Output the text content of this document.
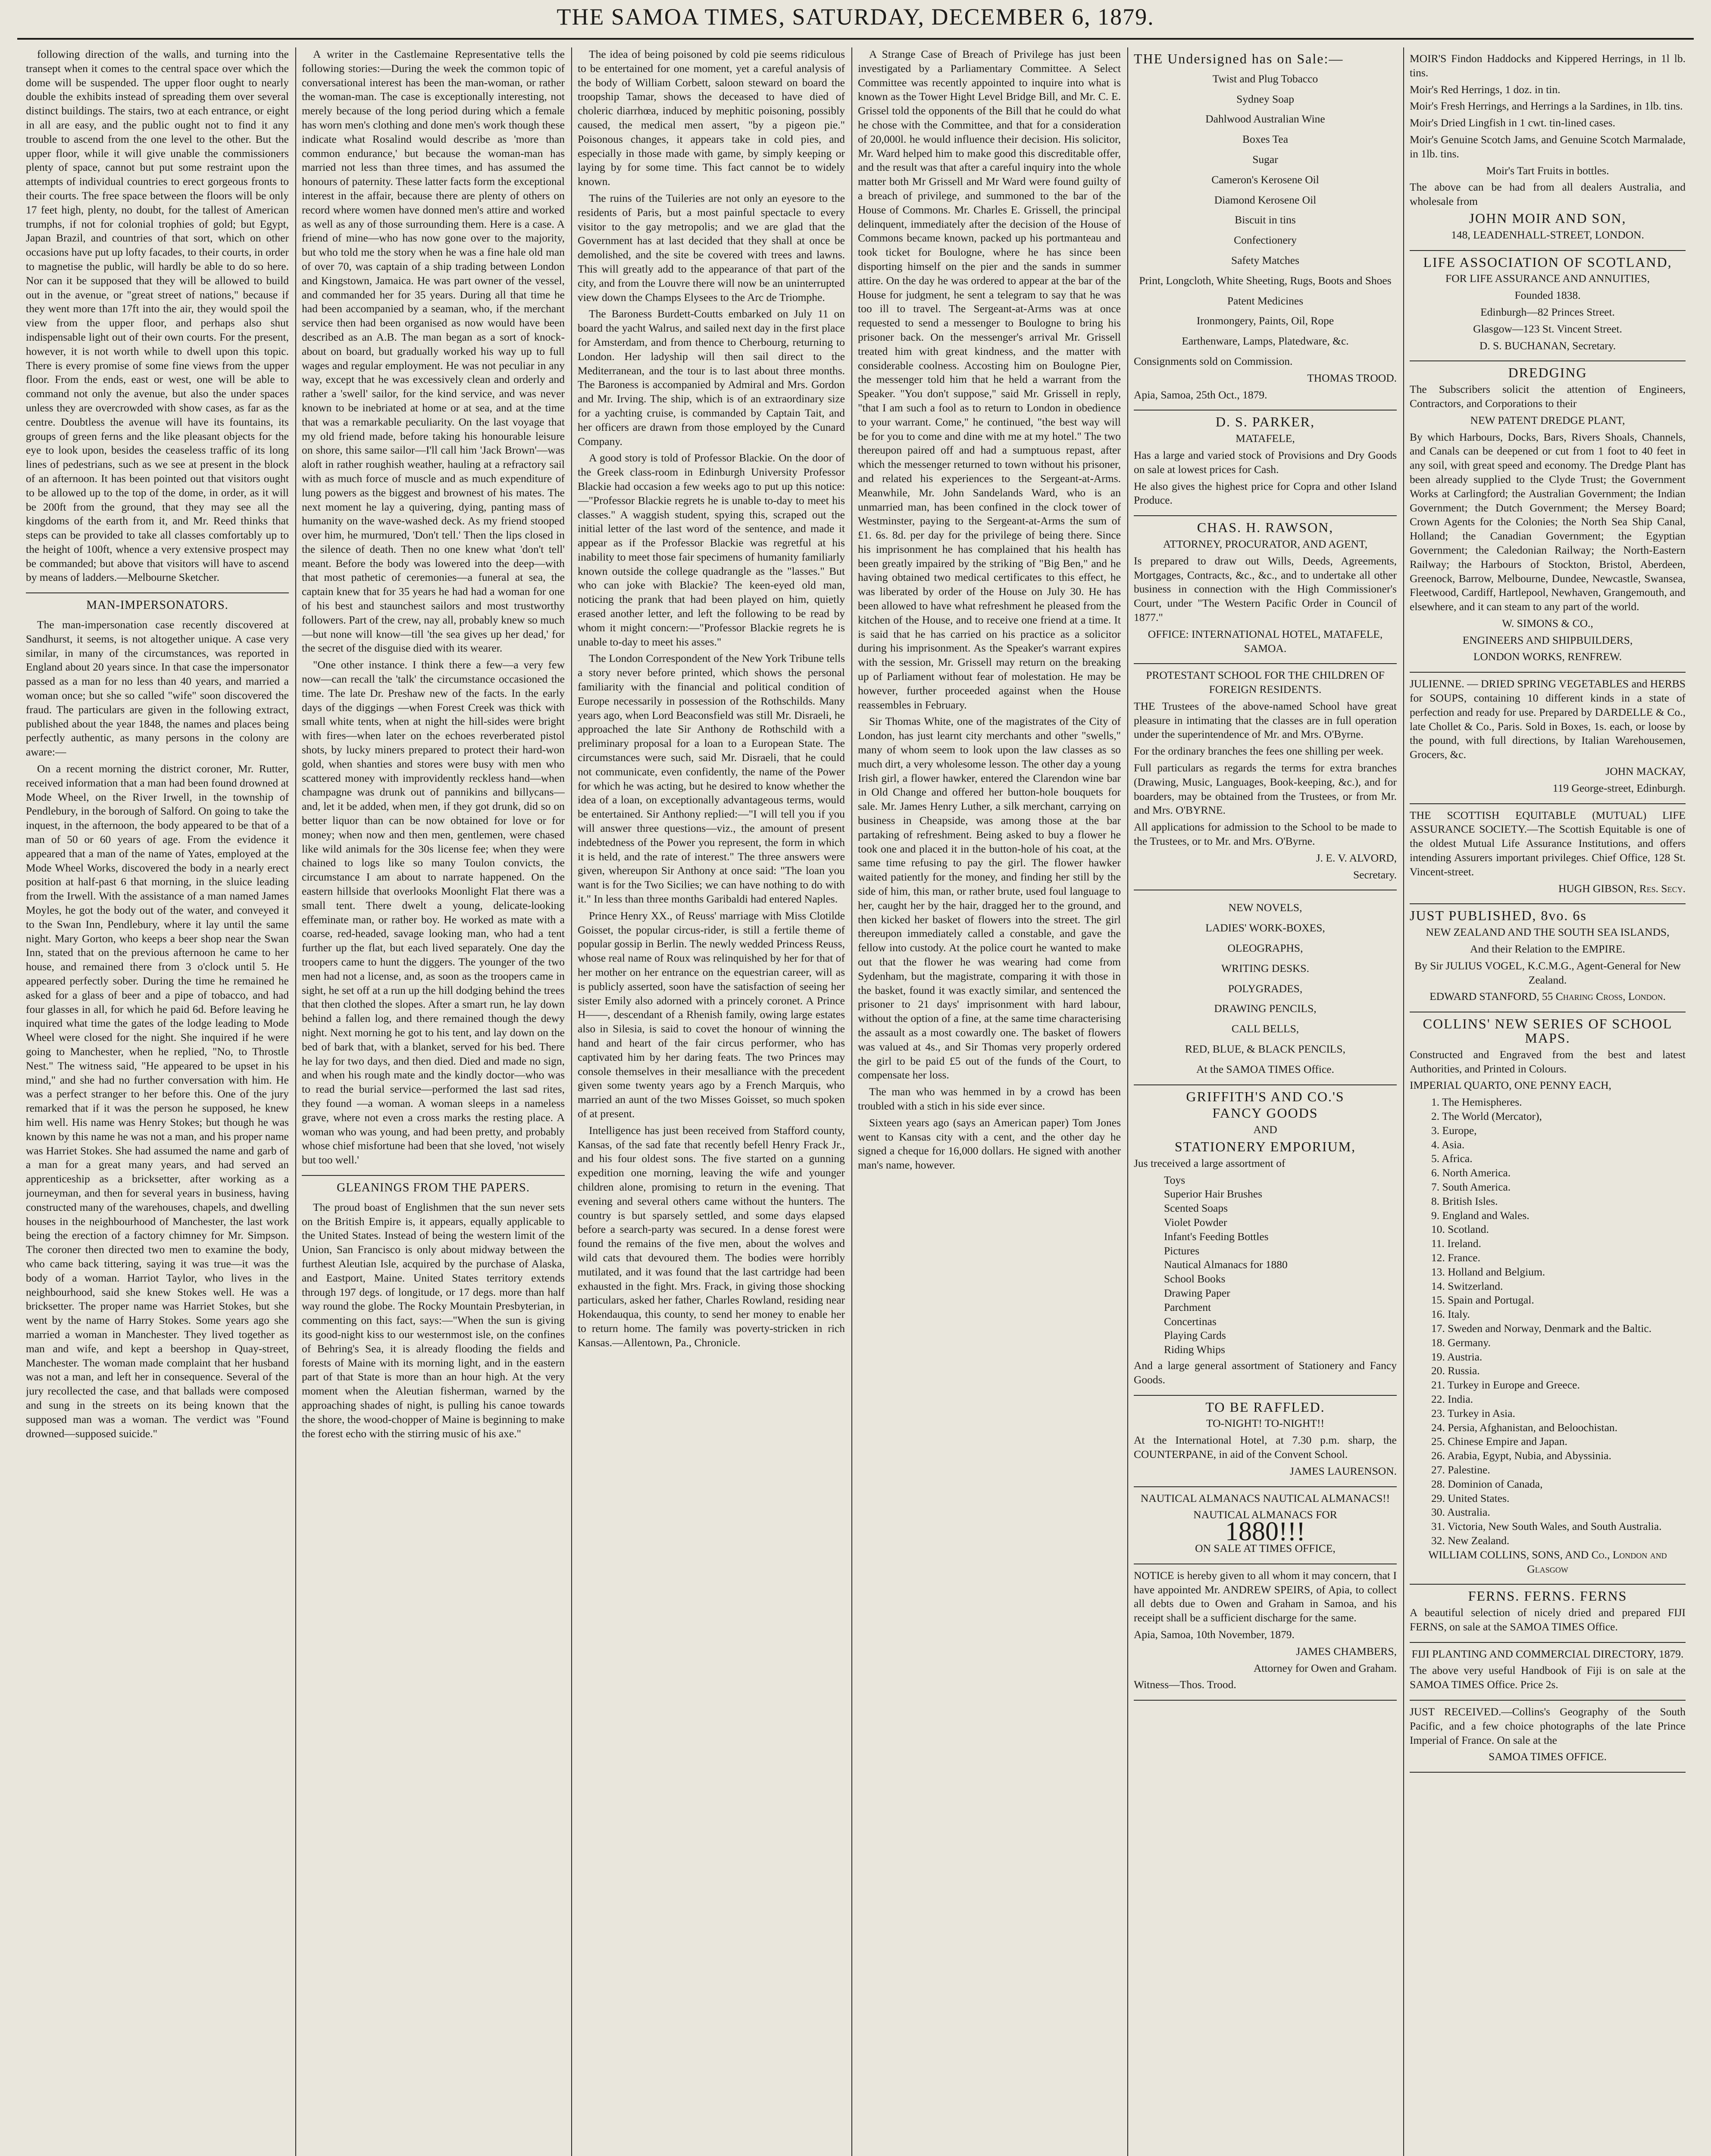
THE SAMOA TIMES, SATURDAY, DECEMBER 6, 1879.

following direction of the walls, and turning into the transept when it comes to the central space over which the dome will be suspended. The upper floor ought to nearly double the exhibits instead of spreading them over several distinct buildings. The stairs, two at each entrance, or eight in all are easy, and the public ought not to find it any trouble to ascend from the one level to the other. But the upper floor, while it will give unable the commissioners plenty of space, cannot but put some restraint upon the attempts of individual countries to erect gorgeous fronts to their courts. The free space between the floors will be only 17 feet high, plenty, no doubt, for the tallest of American trumphs, if not for colonial trophies of gold; but Egypt, Japan Brazil, and countries of that sort, which on other occasions have put up lofty facades, to their courts, in order to magnetise the public, will hardly be able to do so here. Nor can it be supposed that they will be allowed to build out in the avenue, or "great street of nations," because if they went more than 17ft into the air, they would spoil the view from the upper floor, and perhaps also shut indispensable light out of their own courts. For the present, however, it is not worth while to dwell upon this topic. There is every promise of some fine views from the upper floor. From the ends, east or west, one will be able to command not only the avenue, but also the under spaces unless they are overcrowded with show cases, as far as the centre. Doubtless the avenue will have its fountains, its groups of green ferns and the like pleasant objects for the eye to look upon, besides the ceaseless traffic of its long lines of pedestrians, such as we see at present in the block of an afternoon. It has been pointed out that visitors ought to be allowed up to the top of the dome, in order, as it will be 200ft from the ground, that they may see all the kingdoms of the earth from it, and Mr. Reed thinks that steps can be provided to take all classes comfortably up to the height of 100ft, whence a very extensive prospect may be commanded; but above that visitors will have to ascend by means of ladders.—Melbourne Sketcher.

MAN-IMPERSONATORS.

The man-impersonation case recently discovered at Sandhurst, it seems, is not altogether unique. A case very similar, in many of the circumstances, was reported in England about 20 years since. In that case the impersonator passed as a man for no less than 40 years, and married a woman once; but she so called "wife" soon discovered the fraud. The particulars are given in the following extract, published about the year 1848, the names and places being perfectly authentic, as many persons in the colony are aware:—

On a recent morning the district coroner, Mr. Rutter, received information that a man had been found drowned at Mode Wheel, on the River Irwell, in the township of Pendlebury, in the borough of Salford. On going to take the inquest, in the afternoon, the body appeared to be that of a man of 50 or 60 years of age. From the evidence it appeared that a man of the name of Yates, employed at the Mode Wheel Works, discovered the body in a nearly erect position at half-past 6 that morning, in the sluice leading from the Irwell. With the assistance of a man named James Moyles, he got the body out of the water, and conveyed it to the Swan Inn, Pendlebury, where it lay until the same night. Mary Gorton, who keeps a beer shop near the Swan Inn, stated that on the previous afternoon he came to her house, and remained there from 3 o'clock until 5. He appeared perfectly sober. During the time he remained he asked for a glass of beer and a pipe of tobacco, and had four glasses in all, for which he paid 6d. Before leaving he inquired what time the gates of the lodge leading to Mode Wheel were closed for the night. She inquired if he were going to Manchester, when he replied, "No, to Throstle Nest." The witness said, "He appeared to be upset in his mind," and she had no further conversation with him. He was a perfect stranger to her before this. One of the jury remarked that if it was the person he supposed, he knew him well. His name was Henry Stokes; but though he was known by this name he was not a man, and his proper name was Harriet Stokes. She had assumed the name and garb of a man for a great many years, and had served an apprenticeship as a bricksetter, after working as a journeyman, and then for several years in business, having constructed many of the warehouses, chapels, and dwelling houses in the neighbourhood of Manchester, the last work being the erection of a factory chimney for Mr. Simpson. The coroner then directed two men to examine the body, who came back tittering, saying it was true—it was the body of a woman. Harriot Taylor, who lives in the neighbourhood, said she knew Stokes well. He was a bricksetter. The proper name was Harriet Stokes, but she went by the name of Harry Stokes. Some years ago she married a woman in Manchester. They lived together as man and wife, and kept a beershop in Quay-street, Manchester. The woman made complaint that her husband was not a man, and left her in consequence. Several of the jury recollected the case, and that ballads were composed and sung in the streets on its being known that the supposed man was a woman. The verdict was "Found drowned—supposed suicide."

A writer in the Castlemaine Representative tells the following stories:—During the week the common topic of conversational interest has been the man-woman, or rather the woman-man. The case is exceptionally interesting, not merely because of the long period during which a female has worn men's clothing and done men's work though these indicate what Rosalind would describe as 'more than common endurance,' but because the woman-man has married not less than three times, and has assumed the honours of paternity. These latter facts form the exceptional interest in the affair, because there are plenty of others on record where women have donned men's attire and worked as well as any of those surrounding them. Here is a case. A friend of mine—who has now gone over to the majority, but who told me the story when he was a fine hale old man of over 70, was captain of a ship trading between London and Kingstown, Jamaica. He was part owner of the vessel, and commanded her for 35 years. During all that time he had been accompanied by a seaman, who, if the merchant service then had been organised as now would have been described as an A.B. The man began as a sort of knock-about on board, but gradually worked his way up to full wages and regular employment. He was not peculiar in any way, except that he was excessively clean and orderly and rather a 'swell' sailor, for the kind service, and was never known to be inebriated at home or at sea, and at the time that was a remarkable peculiarity. On the last voyage that my old friend made, before taking his honourable leisure on shore, this same sailor—I'll call him 'Jack Brown'—was aloft in rather roughish weather, hauling at a refractory sail with as much force of muscle and as much expenditure of lung powers as the biggest and brownest of his mates. The next moment he lay a quivering, dying, panting mass of humanity on the wave-washed deck. As my friend stooped over him, he murmured, 'Don't tell.' Then the lips closed in the silence of death. Then no one knew what 'don't tell' meant. Before the body was lowered into the deep—with that most pathetic of ceremonies—a funeral at sea, the captain knew that for 35 years he had had a woman for one of his best and staunchest sailors and most trustworthy followers. Part of the crew, nay all, probably knew so much—but none will know—till 'the sea gives up her dead,' for the secret of the disguise died with its wearer.

"One other instance. I think there a few—a very few now—can recall the 'talk' the circumstance occasioned the time. The late Dr. Preshaw new of the facts. In the early days of the diggings —when Forest Creek was thick with small white tents, when at night the hill-sides were bright with fires—when later on the echoes reverberated pistol shots, by lucky miners prepared to protect their hard-won gold, when shanties and stores were busy with men who scattered money with improvidently reckless hand—when champagne was drunk out of pannikins and billycans—and, let it be added, when men, if they got drunk, did so on better liquor than can be now obtained for love or for money; when now and then men, gentlemen, were chased like wild animals for the 30s license fee; when they were chained to logs like so many Toulon convicts, the circumstance I am about to narrate happened. On the eastern hillside that overlooks Moonlight Flat there was a small tent. There dwelt a young, delicate-looking effeminate man, or rather boy. He worked as mate with a coarse, red-headed, savage looking man, who had a tent further up the flat, but each lived separately. One day the troopers came to hunt the diggers. The younger of the two men had not a license, and, as soon as the troopers came in sight, he set off at a run up the hill dodging behind the trees that then clothed the slopes. After a smart run, he lay down behind a fallen log, and there remained though the dewy night. Next morning he got to his tent, and lay down on the bed of bark that, with a blanket, served for his bed. There he lay for two days, and then died. Died and made no sign, and when his rough mate and the kindly doctor—who was to read the burial service—performed the last sad rites, they found —a woman. A woman sleeps in a nameless grave, where not even a cross marks the resting place. A woman who was young, and had been pretty, and probably whose chief misfortune had been that she loved, 'not wisely but too well.'

GLEANINGS FROM THE PAPERS.

The proud boast of Englishmen that the sun never sets on the British Empire is, it appears, equally applicable to the United States. Instead of being the western limit of the Union, San Francisco is only about midway between the furthest Aleutian Isle, acquired by the purchase of Alaska, and Eastport, Maine. United States territory extends through 197 degs. of longitude, or 17 degs. more than half way round the globe. The Rocky Mountain Presbyterian, in commenting on this fact, says:—"When the sun is giving its good-night kiss to our westernmost isle, on the confines of Behring's Sea, it is already flooding the fields and forests of Maine with its morning light, and in the eastern part of that State is more than an hour high. At the very moment when the Aleutian fisherman, warned by the approaching shades of night, is pulling his canoe towards the shore, the wood-chopper of Maine is beginning to make the forest echo with the stirring music of his axe."

The idea of being poisoned by cold pie seems ridiculous to be entertained for one moment, yet a careful analysis of the body of William Corbett, saloon steward on board the troopship Tamar, shows the deceased to have died of choleric diarrhœa, induced by mephitic poisoning, possibly caused, the medical men assert, "by a pigeon pie." Poisonous changes, it appears take in cold pies, and especially in those made with game, by simply keeping or laying by for some time. This fact cannot be to widely known.

The ruins of the Tuileries are not only an eyesore to the residents of Paris, but a most painful spectacle to every visitor to the gay metropolis; and we are glad that the Government has at last decided that they shall at once be demolished, and the site be covered with trees and lawns. This will greatly add to the appearance of that part of the city, and from the Louvre there will now be an uninterrupted view down the Champs Elysees to the Arc de Triomphe.

The Baroness Burdett-Coutts embarked on July 11 on board the yacht Walrus, and sailed next day in the first place for Amsterdam, and from thence to Cherbourg, returning to London. Her ladyship will then sail direct to the Mediterranean, and the tour is to last about three months. The Baroness is accompanied by Admiral and Mrs. Gordon and Mr. Irving. The ship, which is of an extraordinary size for a yachting cruise, is commanded by Captain Tait, and her officers are drawn from those employed by the Cunard Company.

A good story is told of Professor Blackie. On the door of the Greek class-room in Edinburgh University Professor Blackie had occasion a few weeks ago to put up this notice:—"Professor Blackie regrets he is unable to-day to meet his classes." A waggish student, spying this, scraped out the initial letter of the last word of the sentence, and made it appear as if the Professor Blackie was regretful at his inability to meet those fair specimens of humanity familiarly known outside the college quadrangle as the "lasses." But who can joke with Blackie? The keen-eyed old man, noticing the prank that had been played on him, quietly erased another letter, and left the following to be read by whom it might concern:—"Professor Blackie regrets he is unable to-day to meet his asses."

The London Correspondent of the New York Tribune tells a story never before printed, which shows the personal familiarity with the financial and political condition of Europe necessarily in possession of the Rothschilds. Many years ago, when Lord Beaconsfield was still Mr. Disraeli, he approached the late Sir Anthony de Rothschild with a preliminary proposal for a loan to a European State. The circumstances were such, said Mr. Disraeli, that he could not communicate, even confidently, the name of the Power for which he was acting, but he desired to know whether the idea of a loan, on exceptionally advantageous terms, would be entertained. Sir Anthony replied:—"I will tell you if you will answer three questions—viz., the amount of present indebtedness of the Power you represent, the form in which it is held, and the rate of interest." The three answers were given, whereupon Sir Anthony at once said: "The loan you want is for the Two Sicilies; we can have nothing to do with it." In less than three months Garibaldi had entered Naples.

Prince Henry XX., of Reuss' marriage with Miss Clotilde Goisset, the popular circus-rider, is still a fertile theme of popular gossip in Berlin. The newly wedded Princess Reuss, whose real name of Roux was relinquished by her for that of her mother on her entrance on the equestrian career, will as is publicly asserted, soon have the satisfaction of seeing her sister Emily also adorned with a princely coronet. A Prince H——, descendant of a Rhenish family, owing large estates also in Silesia, is said to covet the honour of winning the hand and heart of the fair circus performer, who has captivated him by her daring feats. The two Princes may console themselves in their mesalliance with the precedent given some twenty years ago by a French Marquis, who married an aunt of the two Misses Goisset, so much spoken of at present.

Intelligence has just been received from Stafford county, Kansas, of the sad fate that recently befell Henry Frack Jr., and his four oldest sons. The five started on a gunning expedition one morning, leaving the wife and younger children alone, promising to return in the evening. That evening and several others came without the hunters. The country is but sparsely settled, and some days elapsed before a search-party was secured. In a dense forest were found the remains of the five men, about the wolves and wild cats that devoured them. The bodies were horribly mutilated, and it was found that the last cartridge had been exhausted in the fight. Mrs. Frack, in giving those shocking particulars, asked her father, Charles Rowland, residing near Hokendauqua, this county, to send her money to enable her to return home. The family was poverty-stricken in rich Kansas.—Allentown, Pa., Chronicle.

A Strange Case of Breach of Privilege has just been investigated by a Parliamentary Committee. A Select Committee was recently appointed to inquire into what is known as the Tower Hight Level Bridge Bill, and Mr. C. E. Grissel told the opponents of the Bill that he could do what he chose with the Committee, and that for a consideration of 20,000l. he would influence their decision. His solicitor, Mr. Ward helped him to make good this discreditable offer, and the result was that after a careful inquiry into the whole matter both Mr Grissell and Mr Ward were found guilty of a breach of privilege, and summoned to the bar of the House of Commons. Mr. Charles E. Grissell, the principal delinquent, immediately after the decision of the House of Commons became known, packed up his portmanteau and took ticket for Boulogne, where he has since been disporting himself on the pier and the sands in summer attire. On the day he was ordered to appear at the bar of the House for judgment, he sent a telegram to say that he was too ill to travel. The Sergeant-at-Arms was at once requested to send a messenger to Boulogne to bring his prisoner back. On the messenger's arrival Mr. Grissell treated him with great kindness, and the matter with considerable coolness. Accosting him on Boulogne Pier, the messenger told him that he held a warrant from the Speaker. "You don't suppose," said Mr. Grissell in reply, "that I am such a fool as to return to London in obedience to your warrant. Come," he continued, "the best way will be for you to come and dine with me at my hotel." The two thereupon paired off and had a sumptuous repast, after which the messenger returned to town without his prisoner, and related his experiences to the Sergeant-at-Arms. Meanwhile, Mr. John Sandelands Ward, who is an unmarried man, has been confined in the clock tower of Westminster, paying to the Sergeant-at-Arms the sum of £1. 6s. 8d. per day for the privilege of being there. Since his imprisonment he has complained that his health has been greatly impaired by the striking of "Big Ben," and he having obtained two medical certificates to this effect, he was liberated by order of the House on July 30. He has been allowed to have what refreshment he pleased from the kitchen of the House, and to receive one friend at a time. It is said that he has carried on his practice as a solicitor during his imprisonment. As the Speaker's warrant expires with the session, Mr. Grissell may return on the breaking up of Parliament without fear of molestation. He may be however, further proceeded against when the House reassembles in February.

Sir Thomas White, one of the magistrates of the City of London, has just learnt city merchants and other "swells," many of whom seem to look upon the law classes as so much dirt, a very wholesome lesson. The other day a young Irish girl, a flower hawker, entered the Clarendon wine bar in Old Change and offered her button-hole bouquets for sale. Mr. James Henry Luther, a silk merchant, carrying on business in Cheapside, was among those at the bar partaking of refreshment. Being asked to buy a flower he took one and placed it in the button-hole of his coat, at the same time refusing to pay the girl. The flower hawker waited patiently for the money, and finding her still by the side of him, this man, or rather brute, used foul language to her, caught her by the hair, dragged her to the ground, and then kicked her basket of flowers into the street. The girl thereupon immediately called a constable, and gave the fellow into custody. At the police court he wanted to make out that the flower he was wearing had come from Sydenham, but the magistrate, comparing it with those in the basket, found it was exactly similar, and sentenced the prisoner to 21 days' imprisonment with hard labour, without the option of a fine, at the same time characterising the assault as a most cowardly one. The basket of flowers was valued at 4s., and Sir Thomas very properly ordered the girl to be paid £5 out of the funds of the Court, to compensate her loss.

The man who was hemmed in by a crowd has been troubled with a stich in his side ever since.

Sixteen years ago (says an American paper) Tom Jones went to Kansas city with a cent, and the other day he signed a cheque for 16,000 dollars. He signed with another man's name, however.

THE Undersigned has on Sale:—

Twist and Plug Tobacco
Sydney Soap
Dahlwood Australian Wine
Boxes Tea
Sugar
Cameron's Kerosene Oil
Diamond Kerosene Oil
Biscuit in tins
Confectionery
Safety Matches
Print, Longcloth, White Sheeting, Rugs, Boots and Shoes
Patent Medicines
Ironmongery, Paints, Oil, Rope
Earthenware, Lamps, Platedware, &c.

Consignments sold on Commission.

THOMAS TROOD.

Apia, Samoa, 25th Oct., 1879.

D. S. PARKER,

MATAFELE,

Has a large and varied stock of Provisions and Dry Goods on sale at lowest prices for Cash.

He also gives the highest price for Copra and other Island Produce.

CHAS. H. RAWSON,

ATTORNEY, PROCURATOR, AND AGENT,

Is prepared to draw out Wills, Deeds, Agreements, Mortgages, Contracts, &c., &c., and to undertake all other business in connection with the High Commissioner's Court, under "The Western Pacific Order in Council of 1877."

OFFICE: INTERNATIONAL HOTEL, MATAFELE, SAMOA.

PROTESTANT SCHOOL FOR THE CHILDREN OF FOREIGN RESIDENTS.

THE Trustees of the above-named School have great pleasure in intimating that the classes are in full operation under the superintendence of Mr. and Mrs. O'Byrne.

For the ordinary branches the fees one shilling per week.

Full particulars as regards the terms for extra branches (Drawing, Music, Languages, Book-keeping, &c.), and for boarders, may be obtained from the Trustees, or from Mr. and Mrs. O'BYRNE.

All applications for admission to the School to be made to the Trustees, or to Mr. and Mrs. O'Byrne.

J. E. V. ALVORD,

Secretary.

NEW NOVELS,
LADIES' WORK-BOXES,
OLEOGRAPHS,
WRITING DESKS.
POLYGRADES,
DRAWING PENCILS,
CALL BELLS,
RED, BLUE, & BLACK PENCILS,

At the SAMOA TIMES Office.

GRIFFITH'S AND CO.'S

FANCY GOODS

AND

STATIONERY EMPORIUM,

Jus treceived a large assortment of

Toys
Superior Hair Brushes
Scented Soaps
Violet Powder
Infant's Feeding Bottles
Pictures
Nautical Almanacs for 1880
School Books
Drawing Paper
Parchment
Concertinas
Playing Cards
Riding Whips

And a large general assortment of Stationery and Fancy Goods.

TO BE RAFFLED.

TO-NIGHT! TO-NIGHT!!

At the International Hotel, at 7.30 p.m. sharp, the COUNTERPANE, in aid of the Convent School.

JAMES LAURENSON.

NAUTICAL ALMANACS NAUTICAL ALMANACS!!

NAUTICAL ALMANACS FOR

1880!!!

ON SALE AT TIMES OFFICE,

NOTICE is hereby given to all whom it may concern, that I have appointed Mr. ANDREW SPEIRS, of Apia, to collect all debts due to Owen and Graham in Samoa, and his receipt shall be a sufficient discharge for the same.

Apia, Samoa, 10th November, 1879.

JAMES CHAMBERS,

Attorney for Owen and Graham.

Witness—Thos. Trood.

MOIR'S Findon Haddocks and Kippered Herrings, in 1l lb. tins.

Moir's Red Herrings, 1 doz. in tin.

Moir's Fresh Herrings, and Herrings a la Sardines, in 1lb. tins.

Moir's Dried Lingfish in 1 cwt. tin-lined cases.

Moir's Genuine Scotch Jams, and Genuine Scotch Marmalade, in 1lb. tins.

Moir's Tart Fruits in bottles.

The above can be had from all dealers Australia, and wholesale from

JOHN MOIR AND SON,

148, LEADENHALL-STREET, LONDON.

LIFE ASSOCIATION OF SCOTLAND,

FOR LIFE ASSURANCE AND ANNUITIES,

Founded 1838.

Edinburgh—82 Princes Street.

Glasgow—123 St. Vincent Street.

D. S. BUCHANAN, Secretary.

DREDGING

The Subscribers solicit the attention of Engineers, Contractors, and Corporations to their

NEW PATENT DREDGE PLANT,

By which Harbours, Docks, Bars, Rivers Shoals, Channels, and Canals can be deepened or cut from 1 foot to 40 feet in any soil, with great speed and economy. The Dredge Plant has been already supplied to the Clyde Trust; the Government Works at Carlingford; the Australian Government; the Indian Government; the Dutch Government; the Mersey Board; Crown Agents for the Colonies; the North Sea Ship Canal, Holland; the Canadian Government; the Egyptian Government; the Caledonian Railway; the North-Eastern Railway; the Harbours of Stockton, Bristol, Aberdeen, Greenock, Barrow, Melbourne, Dundee, Newcastle, Swansea, Fleetwood, Cardiff, Hartlepool, Newhaven, Grangemouth, and elsewhere, and it can steam to any part of the world.

W. SIMONS & CO.,

ENGINEERS AND SHIPBUILDERS,

LONDON WORKS, RENFREW.

JULIENNE. — DRIED SPRING VEGETABLES and HERBS for SOUPS, containing 10 different kinds in a state of perfection and ready for use. Prepared by DARDELLE & Co., late Chollet & Co., Paris. Sold in Boxes, 1s. each, or loose by the pound, with full directions, by Italian Warehousemen, Grocers, &c.

JOHN MACKAY,

119 George-street, Edinburgh.

THE SCOTTISH EQUITABLE (MUTUAL) LIFE ASSURANCE SOCIETY.—The Scottish Equitable is one of the oldest Mutual Life Assurance Institutions, and offers intending Assurers important privileges. Chief Office, 128 St. Vincent-street.

HUGH GIBSON, Res. Secy.

JUST PUBLISHED, 8vo. 6s

NEW ZEALAND AND THE SOUTH SEA ISLANDS,

And their Relation to the EMPIRE.

By Sir JULIUS VOGEL, K.C.M.G., Agent-General for New Zealand.

EDWARD STANFORD, 55 Charing Cross, London.

COLLINS' NEW SERIES OF SCHOOL MAPS.

Constructed and Engraved from the best and latest Authorities, and Printed in Colours.

IMPERIAL QUARTO, ONE PENNY EACH,

1. The Hemispheres.
2. The World (Mercator),
3. Europe,
4. Asia.
5. Africa.
6. North America.
7. South America.
8. British Isles.
9. England and Wales.
10. Scotland.
11. Ireland.
12. France.
13. Holland and Belgium.
14. Switzerland.
15. Spain and Portugal.
16. Italy.
17. Sweden and Norway, Denmark and the Baltic.
18. Germany.
19. Austria.
20. Russia.
21. Turkey in Europe and Greece.
22. India.
23. Turkey in Asia.
24. Persia, Afghanistan, and Beloochistan.
25. Chinese Empire and Japan.
26. Arabia, Egypt, Nubia, and Abyssinia.
27. Palestine.
28. Dominion of Canada,
29. United States.
30. Australia.
31. Victoria, New South Wales, and South Australia.
32. New Zealand.

WILLIAM COLLINS, SONS, AND Co., London and Glasgow

FERNS. FERNS. FERNS

A beautiful selection of nicely dried and prepared FIJI FERNS, on sale at the SAMOA TIMES Office.

FIJI PLANTING AND COMMERCIAL DIRECTORY, 1879.

The above very useful Handbook of Fiji is on sale at the SAMOA TIMES Office. Price 2s.

JUST RECEIVED.—Collins's Geography of the South Pacific, and a few choice photographs of the late Prince Imperial of France. On sale at the

SAMOA TIMES OFFICE.
